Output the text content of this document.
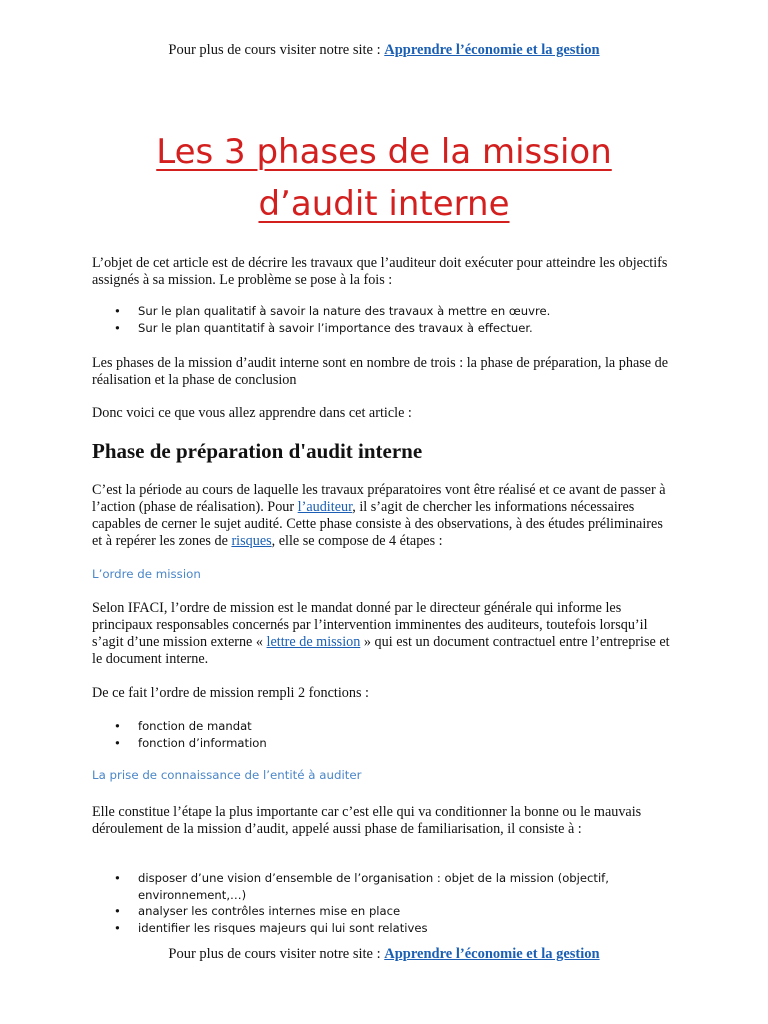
Pour plus de cours visiter notre site : Apprendre l’économie et la gestion
Les 3 phases de la mission
d’audit interne
L’objet de cet article est de décrire les travaux que l’auditeur doit exécuter pour atteindre les objectifs assignés à sa mission. Le problème se pose à la fois :
• Sur le plan qualitatif à savoir la nature des travaux à mettre en œuvre.
• Sur le plan quantitatif à savoir l’importance des travaux à effectuer.
Les phases de la mission d’audit interne sont en nombre de trois : la phase de préparation, la phase de réalisation et la phase de conclusion
Donc voici ce que vous allez apprendre dans cet article :
Phase de préparation d'audit interne
C’est la période au cours de laquelle les travaux préparatoires vont être réalisé et ce avant de passer à l’action (phase de réalisation). Pour l’auditeur, il s’agit de chercher les informations nécessaires capables de cerner le sujet audité. Cette phase consiste à des observations, à des études préliminaires et à repérer les zones de risques, elle se compose de 4 étapes :
L’ordre de mission
Selon IFACI, l’ordre de mission est le mandat donné par le directeur générale qui informe les principaux responsables concernés par l’intervention imminentes des auditeurs, toutefois lorsqu’il s’agit d’une mission externe « lettre de mission » qui est un document contractuel entre l’entreprise et le document interne.
De ce fait l’ordre de mission rempli 2 fonctions :
• fonction de mandat
• fonction d’information
La prise de connaissance de l’entité à auditer
Elle constitue l’étape la plus importante car c’est elle qui va conditionner la bonne ou le mauvais déroulement de la mission d’audit, appelé aussi phase de familiarisation, il consiste à :
• disposer d’une vision d’ensemble de l’organisation : objet de la mission (objectif, environnement,…)
• analyser les contrôles internes mise en place
• identifier les risques majeurs qui lui sont relatives
Pour plus de cours visiter notre site : Apprendre l’économie et la gestion
